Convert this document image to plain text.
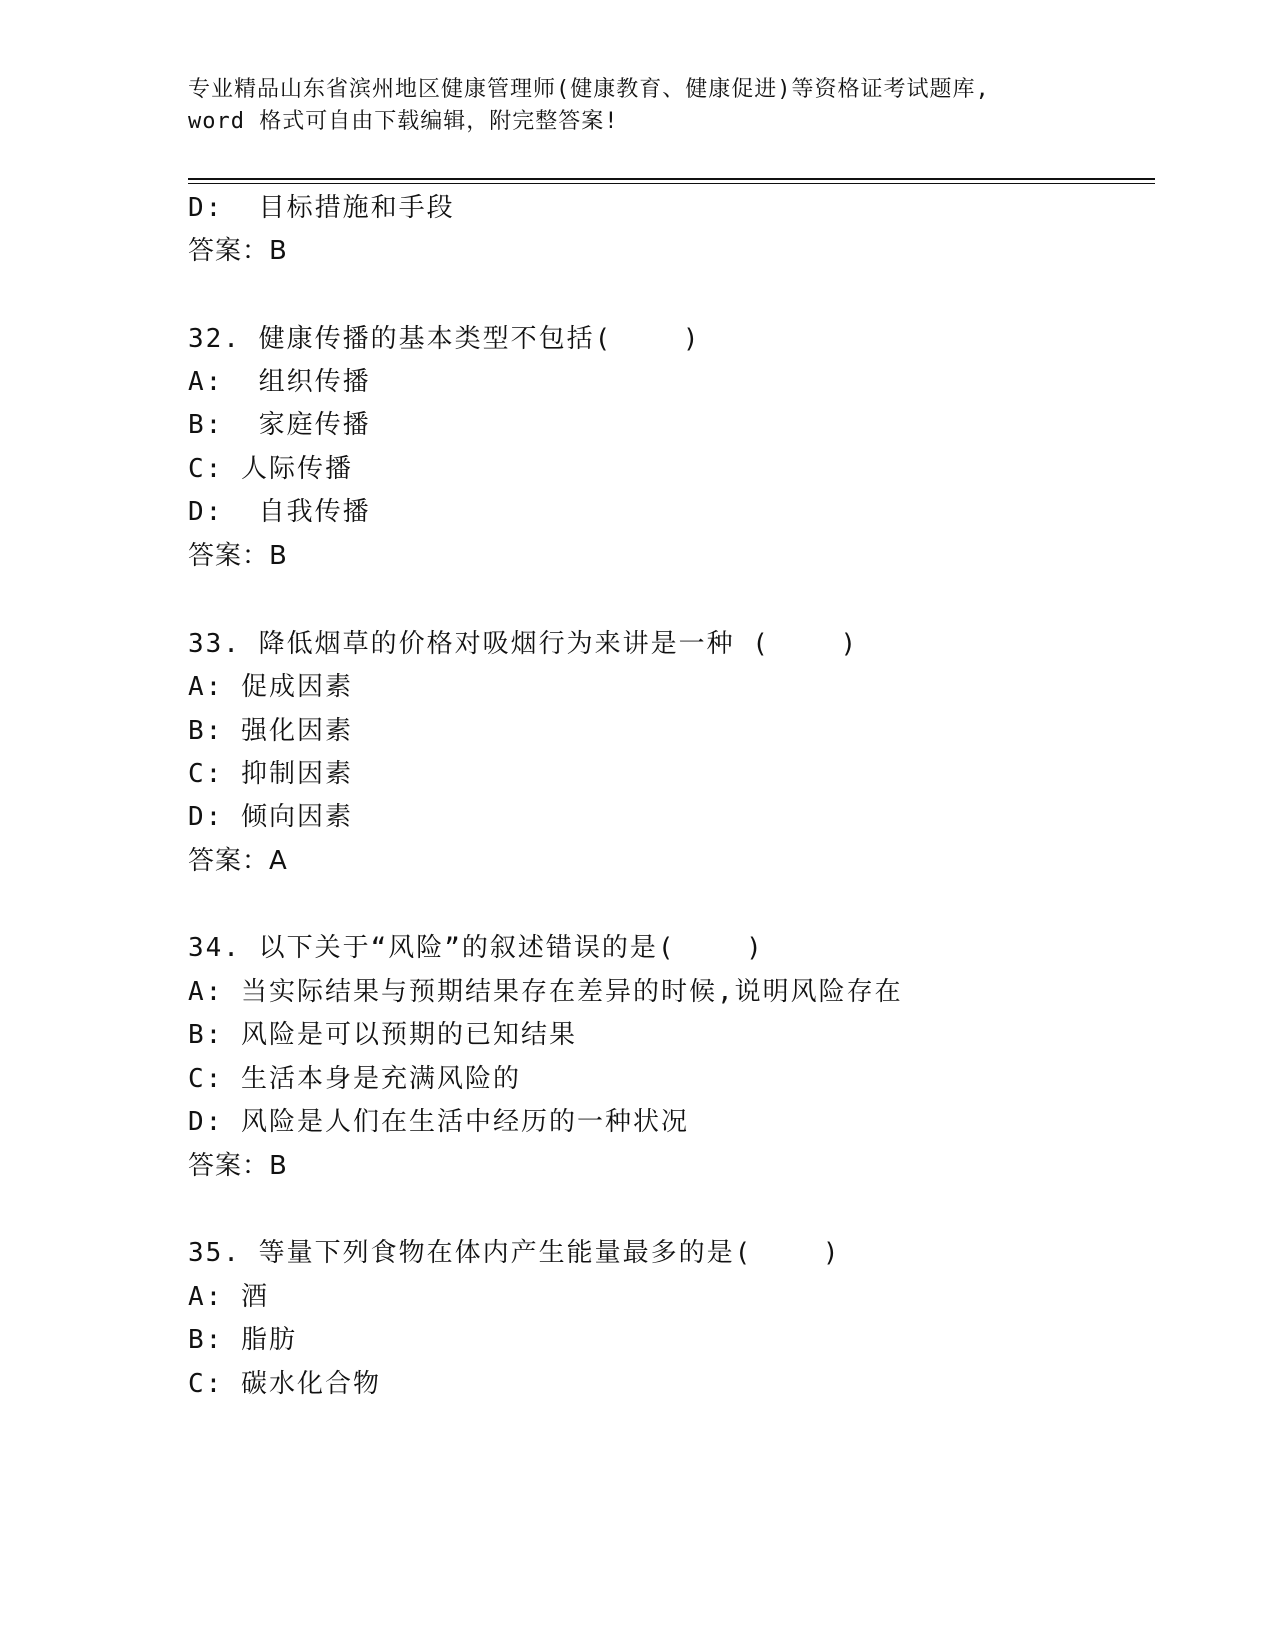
专业精品山东省滨州地区健康管理师(健康教育、健康促进)等资格证考试题库,
word 格式可自由下载编辑，附完整答案!
D:  目标措施和手段
答案：B
32. 健康传播的基本类型不包括(    )
A:  组织传播
B:  家庭传播
C: 人际传播
D:  自我传播
答案：B
33. 降低烟草的价格对吸烟行为来讲是一种 (    )
A: 促成因素
B: 强化因素
C: 抑制因素
D: 倾向因素
答案：A
34. 以下关于“风险”的叙述错误的是(    )
A: 当实际结果与预期结果存在差异的时候,说明风险存在
B: 风险是可以预期的已知结果
C: 生活本身是充满风险的
D: 风险是人们在生活中经历的一种状况
答案：B
35. 等量下列食物在体内产生能量最多的是(    )
A: 酒
B: 脂肪
C: 碳水化合物
